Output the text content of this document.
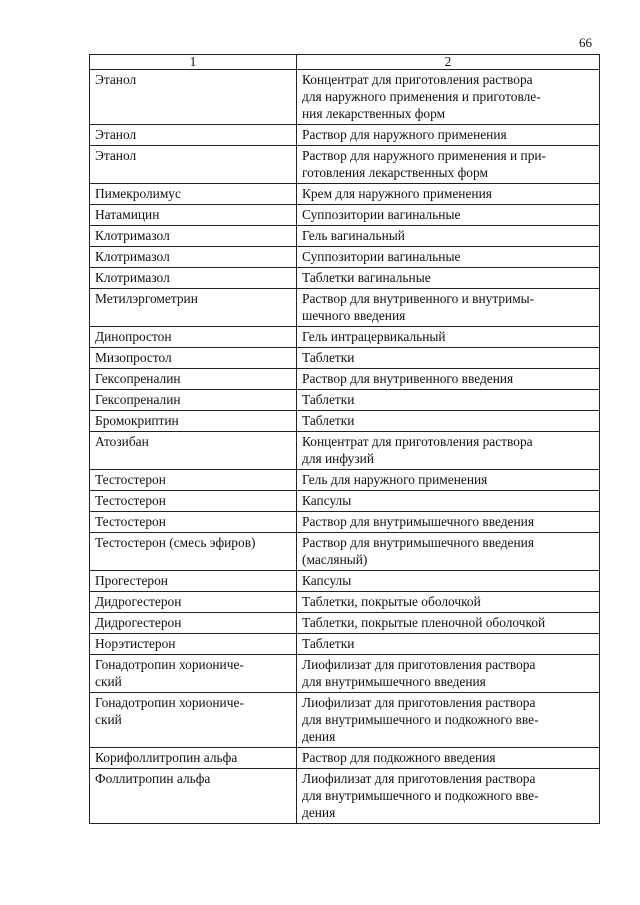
66
1	2
Этанол	Концентрат для приготовления раствора
для наружного применения и приготовле-
ния лекарственных форм
Этанол	Раствор для наружного применения
Этанол	Раствор для наружного применения и при-
готовления лекарственных форм
Пимекролимус	Крем для наружного применения
Натамицин	Суппозитории вагинальные
Клотримазол	Гель вагинальный
Клотримазол	Суппозитории вагинальные
Клотримазол	Таблетки вагинальные
Метилэргометрин	Раствор для внутривенного и внутримы-
шечного введения
Динопростон	Гель интрацервикальный
Мизопростол	Таблетки
Гексопреналин	Раствор для внутривенного введения
Гексопреналин	Таблетки
Бромокриптин	Таблетки
Атозибан	Концентрат для приготовления раствора
для инфузий
Тестостерон	Гель для наружного применения
Тестостерон	Капсулы
Тестостерон	Раствор для внутримышечного введения
Тестостерон (смесь эфиров)	Раствор для внутримышечного введения
(масляный)
Прогестерон	Капсулы
Дидрогестерон	Таблетки, покрытые оболочкой
Дидрогестерон	Таблетки, покрытые пленочной оболочкой
Норэтистерон	Таблетки
Гонадотропин хориониче-
ский	Лиофилизат для приготовления раствора
для внутримышечного введения
Гонадотропин хориониче-
ский	Лиофилизат для приготовления раствора
для внутримышечного и подкожного вве-
дения
Корифоллитропин альфа	Раствор для подкожного введения
Фоллитропин альфа	Лиофилизат для приготовления раствора
для внутримышечного и подкожного вве-
дения
